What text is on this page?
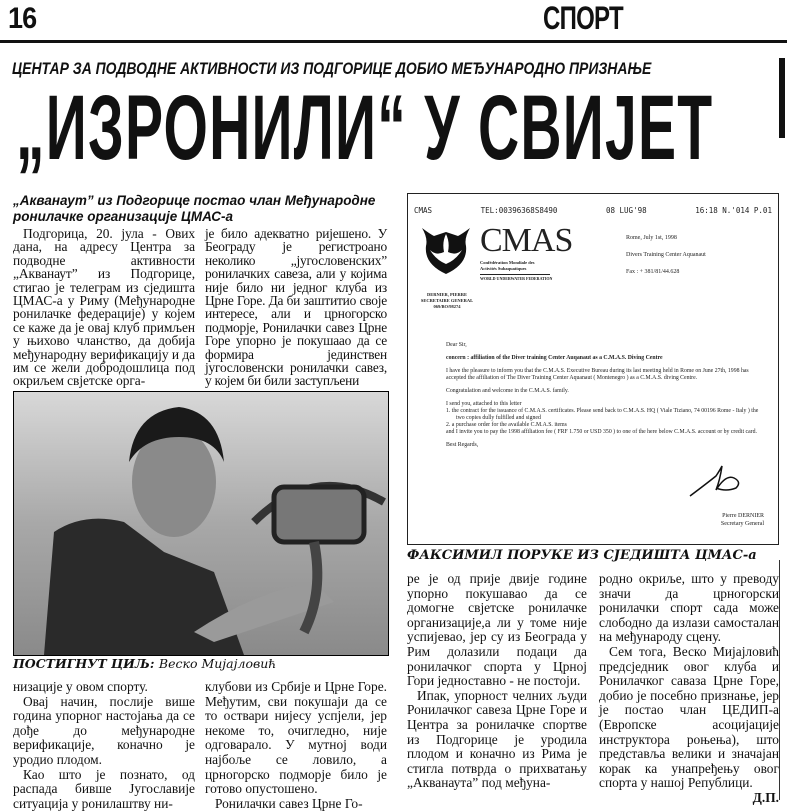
16	СПОРТ
ЦЕНТАР ЗА ПОДВОДНЕ АКТИВНОСТИ ИЗ ПОДГОРИЦЕ ДОБИО МЕЂУНАРОДНО ПРИЗНАЊЕ
„ИЗРОНИЛИ“ У СВИЈЕТ
„Акванаут” из Подгорице постао члан Међународне ронилачке организације ЦМАС-а

Подгорица, 20. јула - Ових дана, на адресу Центра за подводне активности „Акванаут” из Подгорице, стигао је телеграм из сједишта ЦМАС-а у Риму (Међународне ронилачке федерације) у којем се каже да је овај клуб примљен у њихово чланство, да добија међународну верификацију и да им се жели добродошлица под окриљем свјетске орга-

је било адекватно ријешено. У Београду је регистроано неколико „југословенских” ронилачких савеза, али у којима није било ни једног клуба из Црне Горе. Да би заштитио своје интересе, али и црногорско подморје, Ронилачки савез Црне Горе упорно је покушаао да се формира јединствен југословенски ронилачки савез, у којем би били заступљени

ПОСТИГНУТ ЦИЉ: Веско Мијајловић

низације у овом спорту.

Овај начин, послије више година упорног настојања да се дође до међународне верификације, коначно је уродио плодом.

Као што је познато, од распада бивше Југославије ситуација у ронилаштву ни-

клубови из Србије и Црне Горе. Међутим, сви покушаји да се то оствари нијесу успјели, јер некоме то, очигледно, није одговарало. У мутној води најбоље се ловило, а црногорско подморје било је готово опустошено.

Ронилачки савез Црне Го-

CMAS	TEL:00396368S8490	08 LUG'98	16:18 N.'014 P.01
CMAS
Confédération Mondiale des Activités Subaquatiques
WORLD UNDERWATER FEDERATION
DERNIER, PIERRE
SECRETAIRE GENERAL
069/BO/98274
Rome, July 1st, 1998
Divers Training Center Aquanaut
Fax : + 381/81/44.628

Dear Sir,

concern : affiliation of the Diver training Center Auqanaut as a C.M.A.S. Diving Centre

I have the pleasure to inform you that the C.M.A.S. Executive Bureau during its last meeting held in Rome on June 27th, 1998 has accepted the affiliation of The Diver Training Center Aquanaut ( Montenegro ) as a C.M.A.S. diving Centre.

Congratulation and welcome in the C.M.A.S. family.

I send you, attached to this letter

1. the contract for the issuance of C.M.A.S. certificates. Please send back to C.M.A.S. HQ ( Viale Tiziano, 74 00196 Rome - Italy ) the two copies dully fulfilled and signed

2. a purchase order for the available C.M.A.S. items

and I invite you to pay the 1998 affiliation fee ( FRF 1.750 or USD 350 ) to one of the here below C.M.A.S. account or by credit card.

Best Regards,

Pierre DERNIER
Secretary General
ФАКСИМИЛ ПОРУКЕ ИЗ СЈЕДИШТА ЦМАС-а

ре је од прије двије године упорно покушавао да се домогне свјетске ронилачке организације,а ли у томе није успијевао, јер су из Београда у Рим долазили подаци да ронилачког спорта у Црној Гори једноставно - не постоји.

Ипак, упорност челних људи Ронилачког савеза Црне Горе и Центра за ронилачке спортве из Подгорице је уродила плодом и коначно из Рима је стигла потврда о прихватању „Акванаута” под међуна-

родно окриље, што у преводу значи да црногорски ронилачки спорт сада може слободно да излази самосталан на међународу сцену.

Сем тога, Веско Мијајловић предсједник овог клуба и Ронилачког саваза Црне Горе, добио је посебно признање, јер је постао члан ЦЕДИП-а (Европске асоцијације инструктора роњења), што представља велики и значајан корак ка унапређењу овог спорта у нашој Републици.

Д.П.
